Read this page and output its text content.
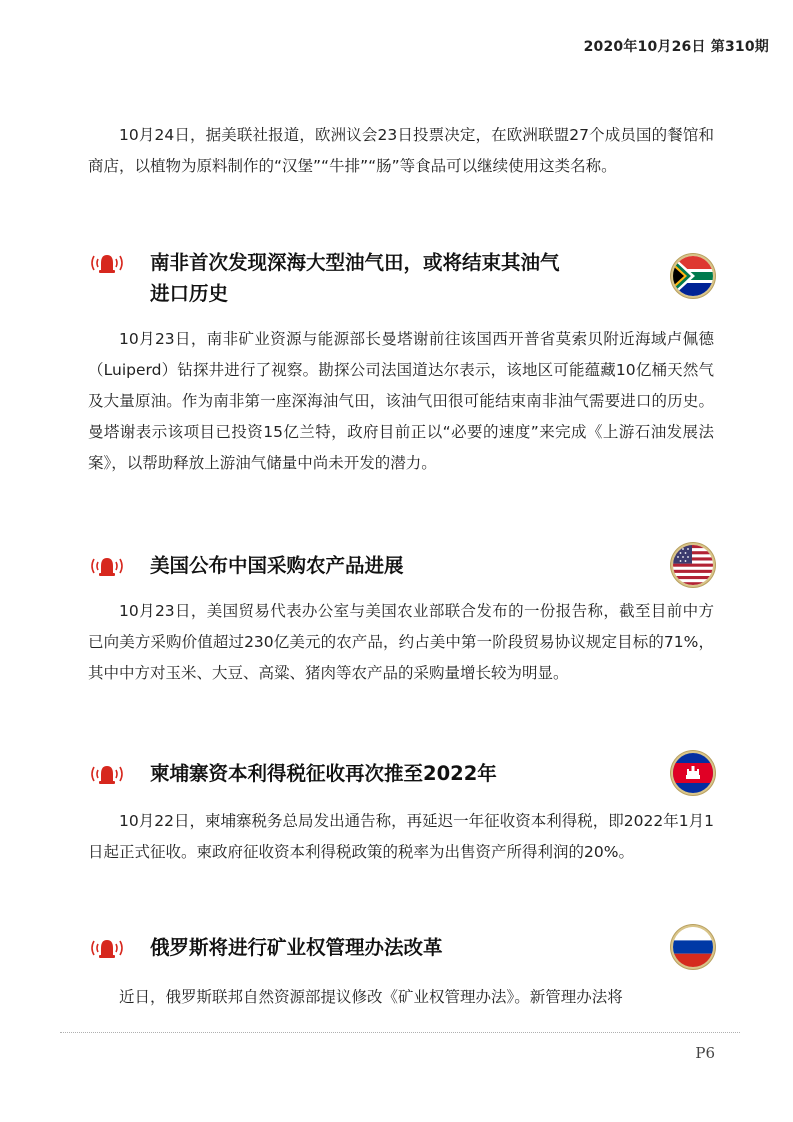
2020年10月26日 第310期

10月24日，据美联社报道，欧洲议会23日投票决定，在欧洲联盟27个成员国的餐馆和商店，以植物为原料制作的“汉堡”“牛排”“肠”等食品可以继续使用这类名称。

南非首次发现深海大型油气田，或将结束其油气

进口历史

10月23日，南非矿业资源与能源部长曼塔谢前往该国西开普省莫索贝附近海域卢佩德（Luiperd）钻探井进行了视察。勘探公司法国道达尔表示，该地区可能蕴藏10亿桶天然气及大量原油。作为南非第一座深海油气田，该油气田很可能结束南非油气需要进口的历史。曼塔谢表示该项目已投资15亿兰特，政府目前正以“必要的速度”来完成《上游石油发展法案》，以帮助释放上游油气储量中尚未开发的潜力。

美国公布中国采购农产品进展

10月23日，美国贸易代表办公室与美国农业部联合发布的一份报告称，截至目前中方已向美方采购价值超过230亿美元的农产品，约占美中第一阶段贸易协议规定目标的71%，其中中方对玉米、大豆、高粱、猪肉等农产品的采购量增长较为明显。

柬埔寨资本利得税征收再次推至2022年

10月22日，柬埔寨税务总局发出通告称，再延迟一年征收资本利得税，即2022年1月1日起正式征收。柬政府征收资本利得税政策的税率为出售资产所得利润的20%。

俄罗斯将进行矿业权管理办法改革

近日，俄罗斯联邦自然资源部提议修改《矿业权管理办法》。新管理办法将

P6
